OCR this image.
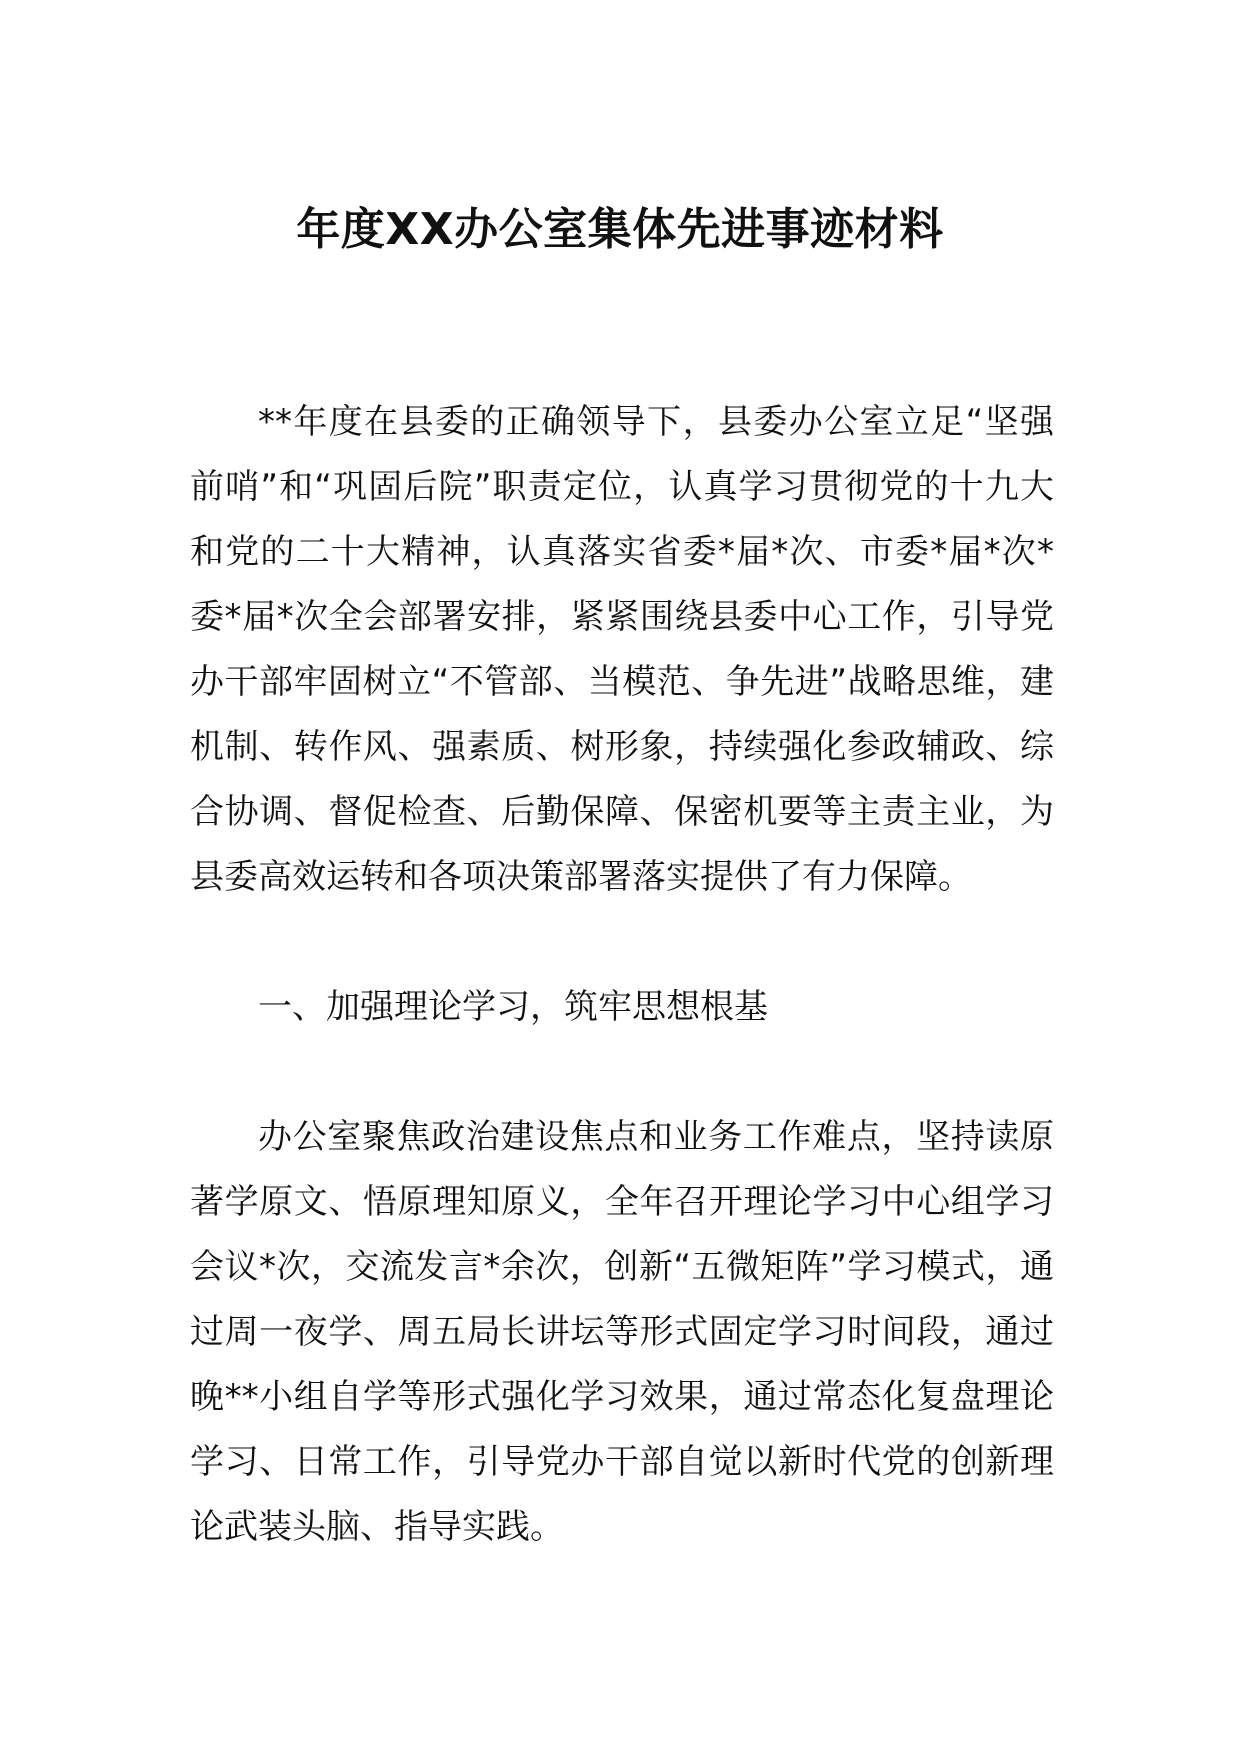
年度XX办公室集体先进事迹材料

**年度在县委的正确领导下，县委办公室立足“坚强前哨”和“巩固后院”职责定位，认真学习贯彻党的十九大和党的二十大精神，认真落实省委*届*次、市委*届*次*委*届*次全会部署安排，紧紧围绕县委中心工作，引导党办干部牢固树立“不管部、当模范、争先进”战略思维，建机制、转作风、强素质、树形象，持续强化参政辅政、综合协调、督促检查、后勤保障、保密机要等主责主业，为县委高效运转和各项决策部署落实提供了有力保障。

一、加强理论学习，筑牢思想根基

办公室聚焦政治建设焦点和业务工作难点，坚持读原著学原文、悟原理知原义，全年召开理论学习中心组学习会议*次，交流发言*余次，创新“五微矩阵”学习模式，通过周一夜学、周五局长讲坛等形式固定学习时间段，通过晚**小组自学等形式强化学习效果，通过常态化复盘理论学习、日常工作，引导党办干部自觉以新时代党的创新理论武装头脑、指导实践。
